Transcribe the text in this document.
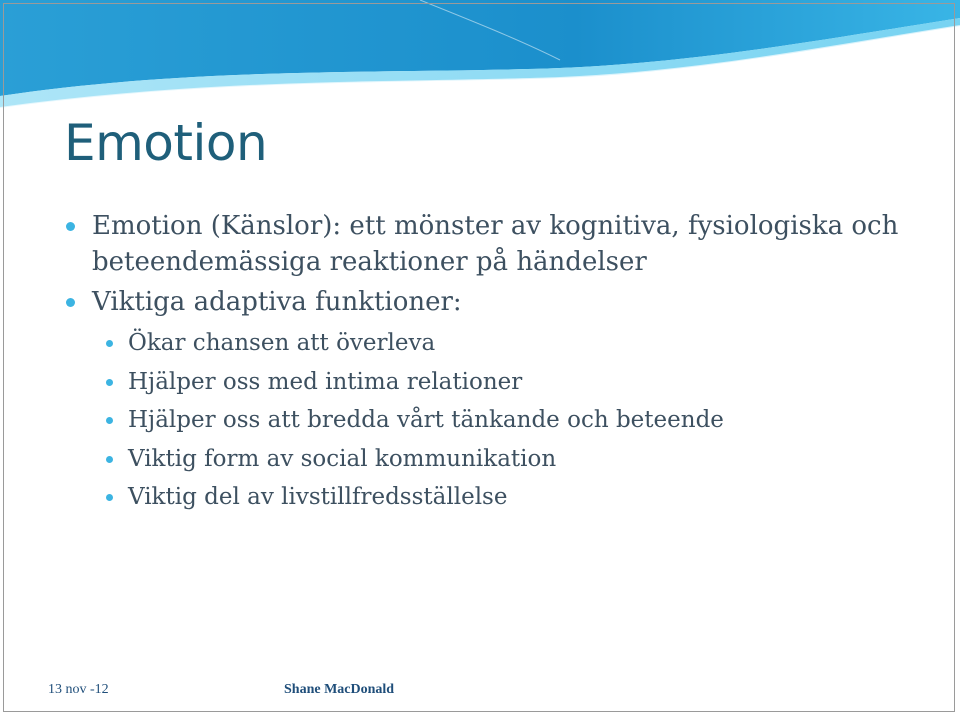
Emotion
Emotion (Känslor): ett mönster av kognitiva, fysiologiska och beteendemässiga reaktioner på händelser
Viktiga adaptiva funktioner:
Ökar chansen att överleva
Hjälper oss med intima relationer
Hjälper oss att bredda vårt tänkande och beteende
Viktig form av social kommunikation
Viktig del av livstillfredsställelse
13 nov -12	Shane MacDonald
